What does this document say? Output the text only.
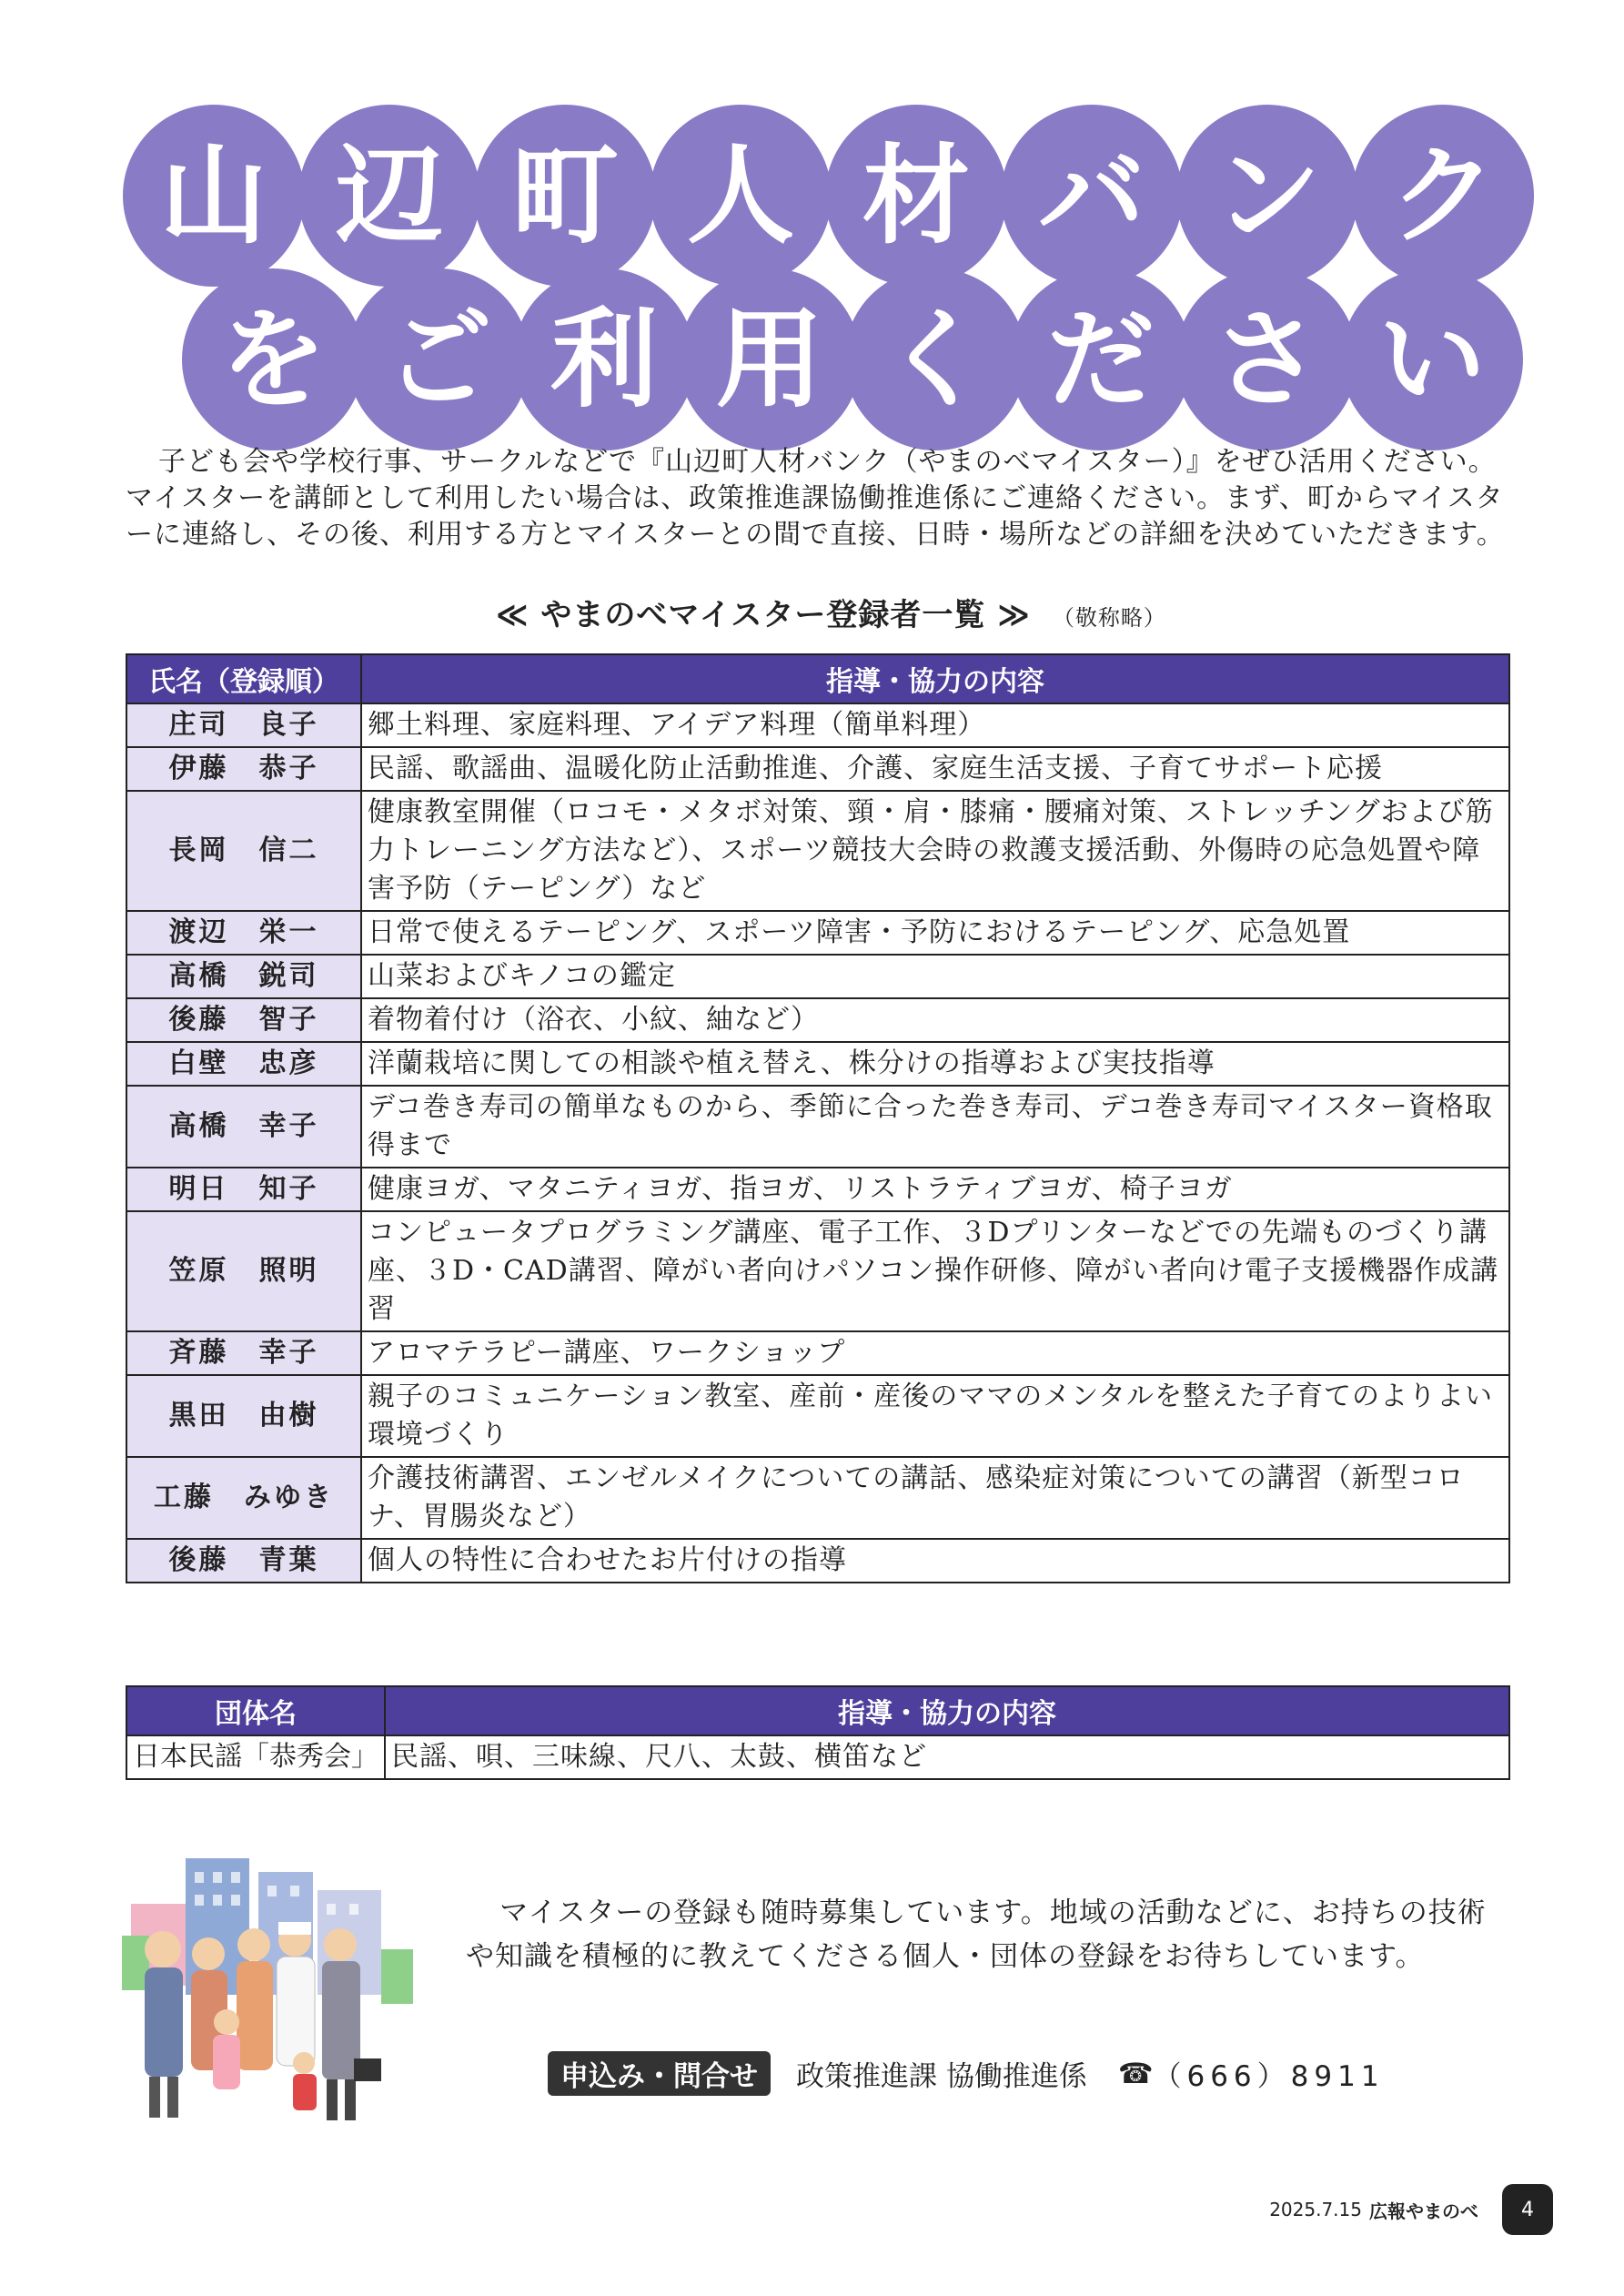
山 辺 町 人 材 バ ン ク
を ご 利 用 く だ さ い

子ども会や学校行事、サークルなどで『山辺町人材バンク（やまのべマイスター）』をぜひ活用ください。マイスターを講師として利用したい場合は、政策推進課協働推進係にご連絡ください。まず、町からマイスターに連絡し、その後、利用する方とマイスターとの間で直接、日時・場所などの詳細を決めていただきます。

≪ やまのべマイスター登録者一覧 ≫ （敬称略）
氏名（登録順）	指導・協力の内容
庄司　良子	郷土料理、家庭料理、アイデア料理（簡単料理）
伊藤　恭子	民謡、歌謡曲、温暖化防止活動推進、介護、家庭生活支援、子育てサポート応援
長岡　信二	健康教室開催（ロコモ・メタボ対策、頸・肩・膝痛・腰痛対策、ストレッチングおよび筋力トレーニング方法など）、スポーツ競技大会時の救護支援活動、外傷時の応急処置や障害予防（テーピング）など
渡辺　栄一	日常で使えるテーピング、スポーツ障害・予防におけるテーピング、応急処置
高橋　鋭司	山菜およびキノコの鑑定
後藤　智子	着物着付け（浴衣、小紋、紬など）
白壁　忠彦	洋蘭栽培に関しての相談や植え替え、株分けの指導および実技指導
高橋　幸子	デコ巻き寿司の簡単なものから、季節に合った巻き寿司、デコ巻き寿司マイスター資格取得まで
明日　知子	健康ヨガ、マタニティヨガ、指ヨガ、リストラティブヨガ、椅子ヨガ
笠原　照明	コンピュータプログラミング講座、電子工作、３Dプリンターなどでの先端ものづくり講座、３D・CAD講習、障がい者向けパソコン操作研修、障がい者向け電子支援機器作成講習
斉藤　幸子	アロマテラピー講座、ワークショップ
黒田　由樹	親子のコミュニケーション教室、産前・産後のママのメンタルを整えた子育てのよりよい環境づくり
工藤　みゆき	介護技術講習、エンゼルメイクについての講話、感染症対策についての講習（新型コロナ、胃腸炎など）
後藤　青葉	個人の特性に合わせたお片付けの指導
団体名	指導・協力の内容
日本民謡「恭秀会」	民謡、唄、三味線、尺八、太鼓、横笛など

マイスターの登録も随時募集しています。地域の活動などに、お持ちの技術や知識を積極的に教えてくださる個人・団体の登録をお待ちしています。

申込み・問合せ	政策推進課 協働推進係 ☎ （666）8911
2025.7.15 広報やまのべ	4
